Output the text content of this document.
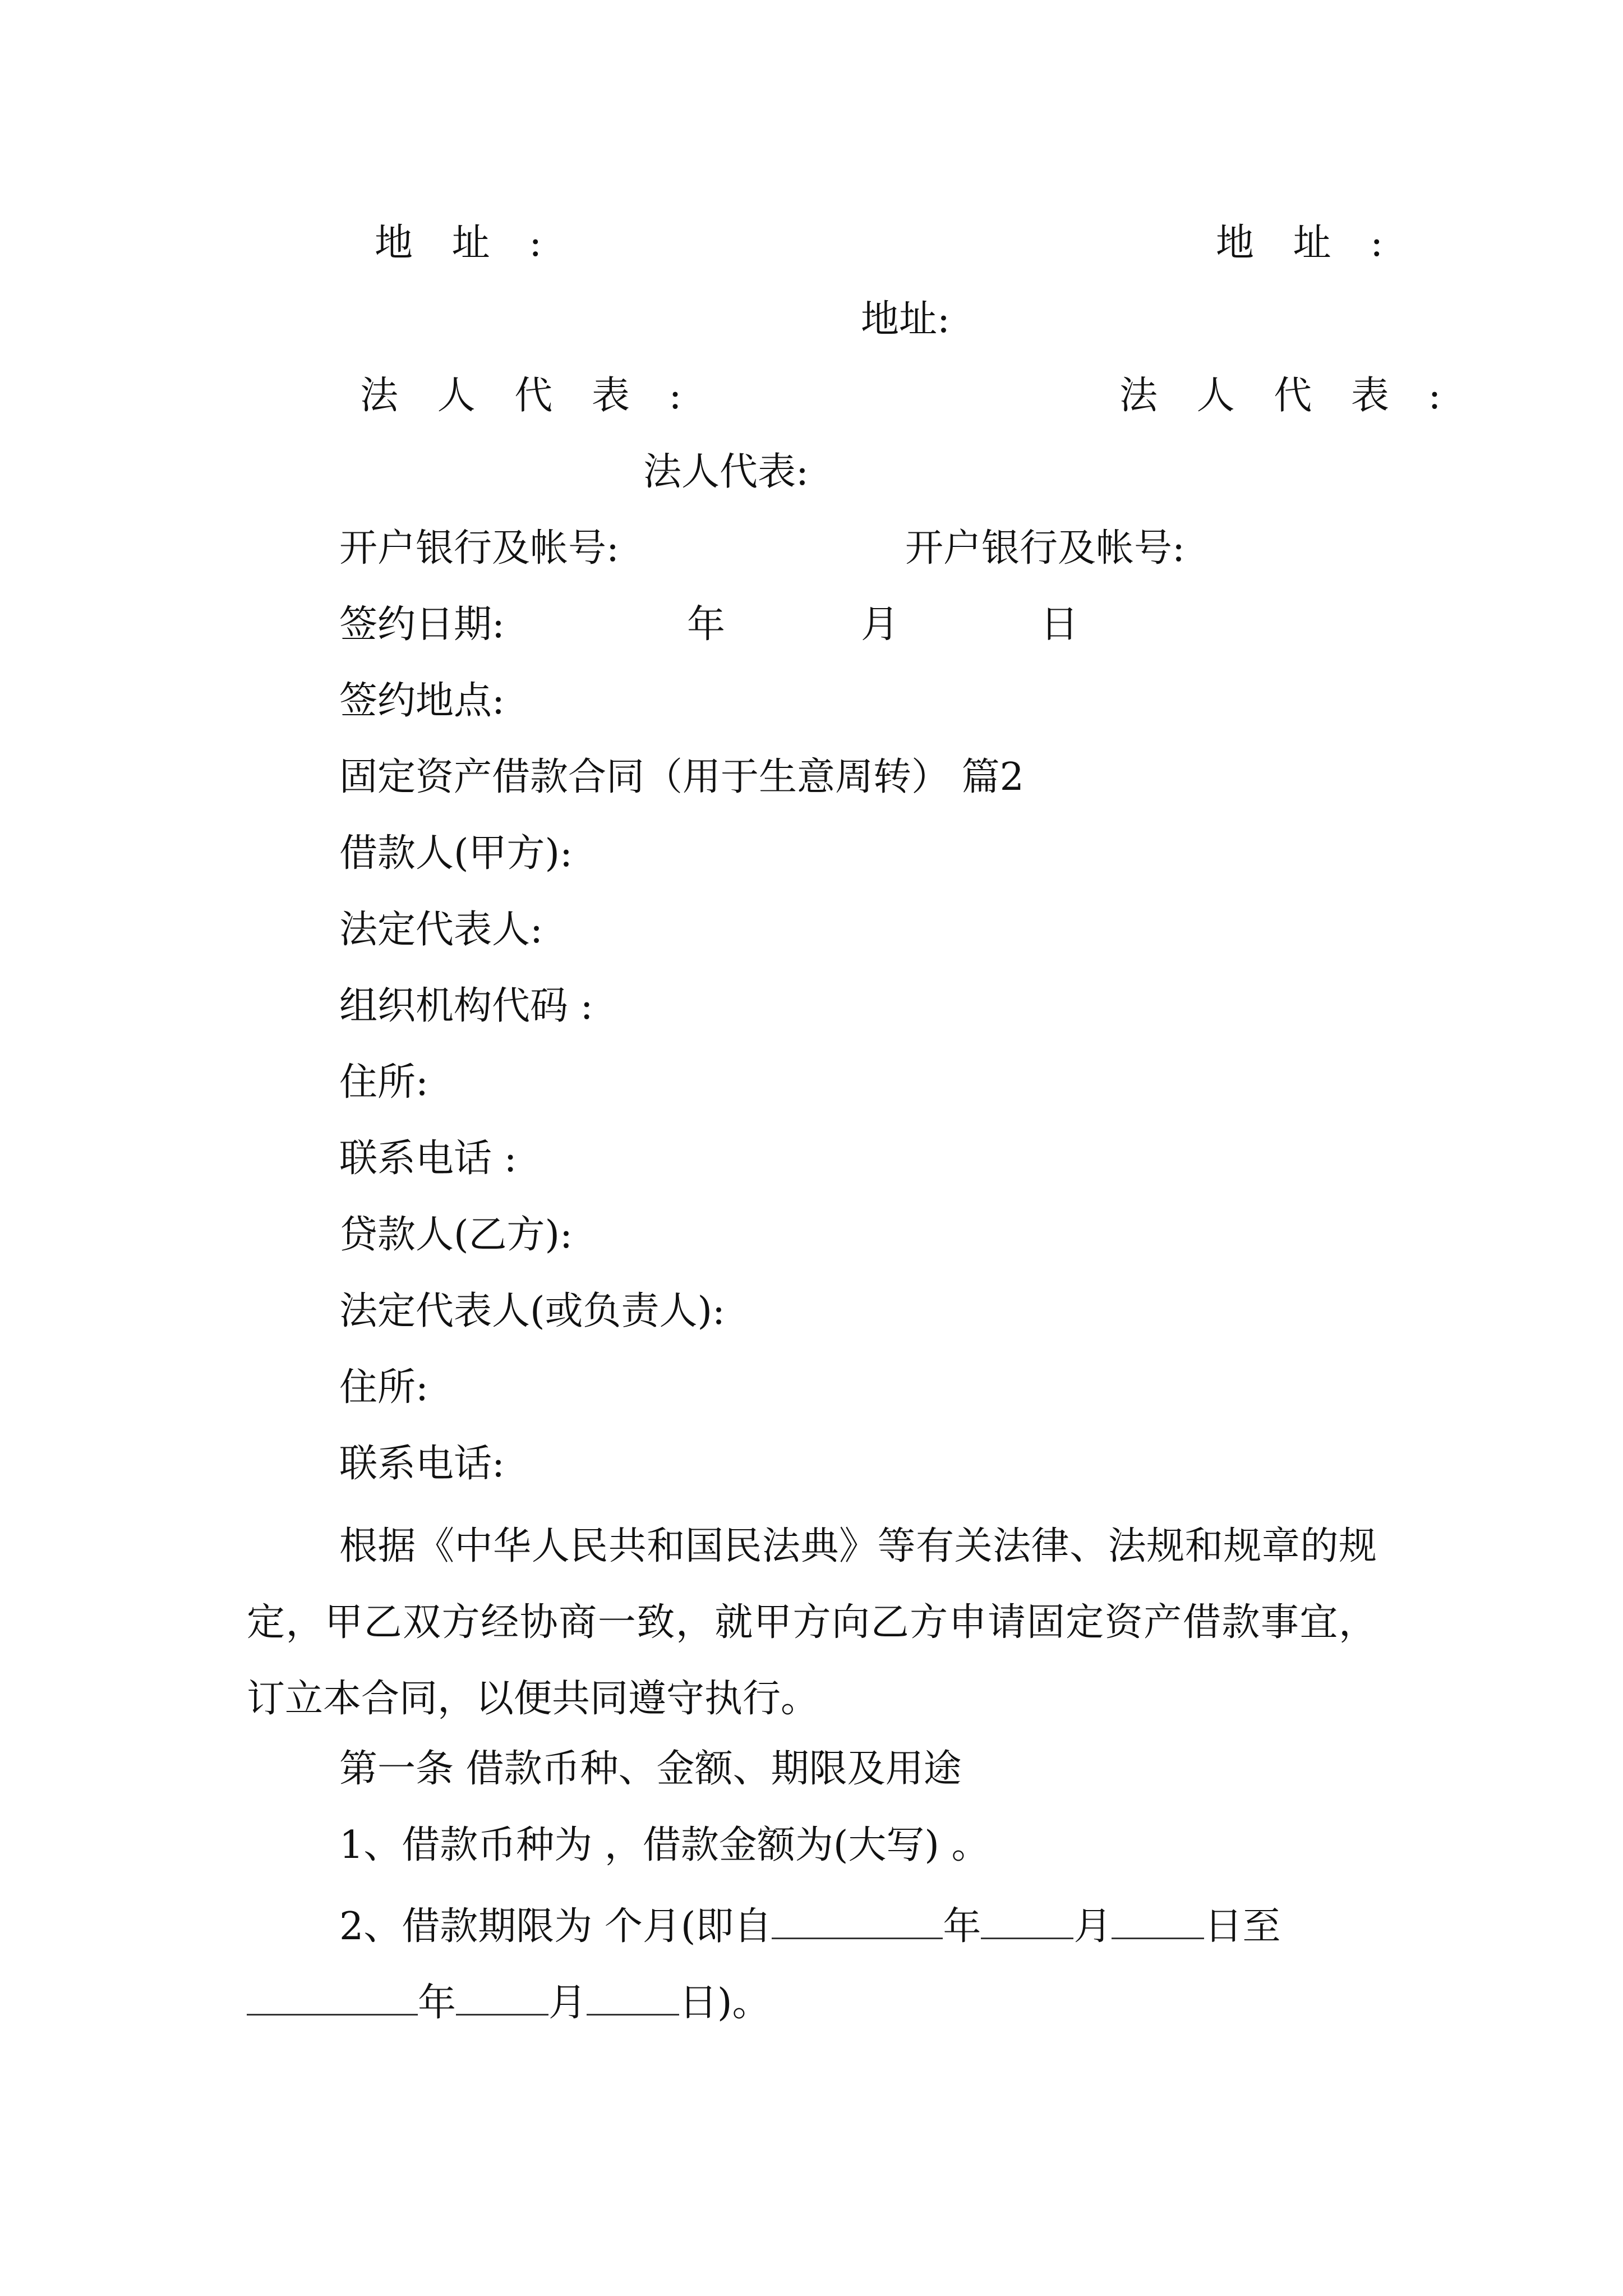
地 址 :	地 址 :
地址:
法 人 代 表 :	法 人 代 表 :
法人代表:
开户银行及帐号:	开户银行及帐号:
签约日期:	年	月	日
签约地点:
固定资产借款合同（用于生意周转） 篇2
借款人(甲方):
法定代表人:
组织机构代码 :
住所:
联系电话 :
贷款人(乙方):
法定代表人(或负责人):
住所:
联系电话:
根据《中华人民共和国民法典》等有关法律、法规和规章的规定，甲乙双方经协商一致，就甲方向乙方申请固定资产借款事宜，订立本合同，以便共同遵守执行。
第一条 借款币种、金额、期限及用途
1、借款币种为 ，借款金额为(大写) 。
2、借款期限为 个月(即自	年 月 日至
年 月 日)。
